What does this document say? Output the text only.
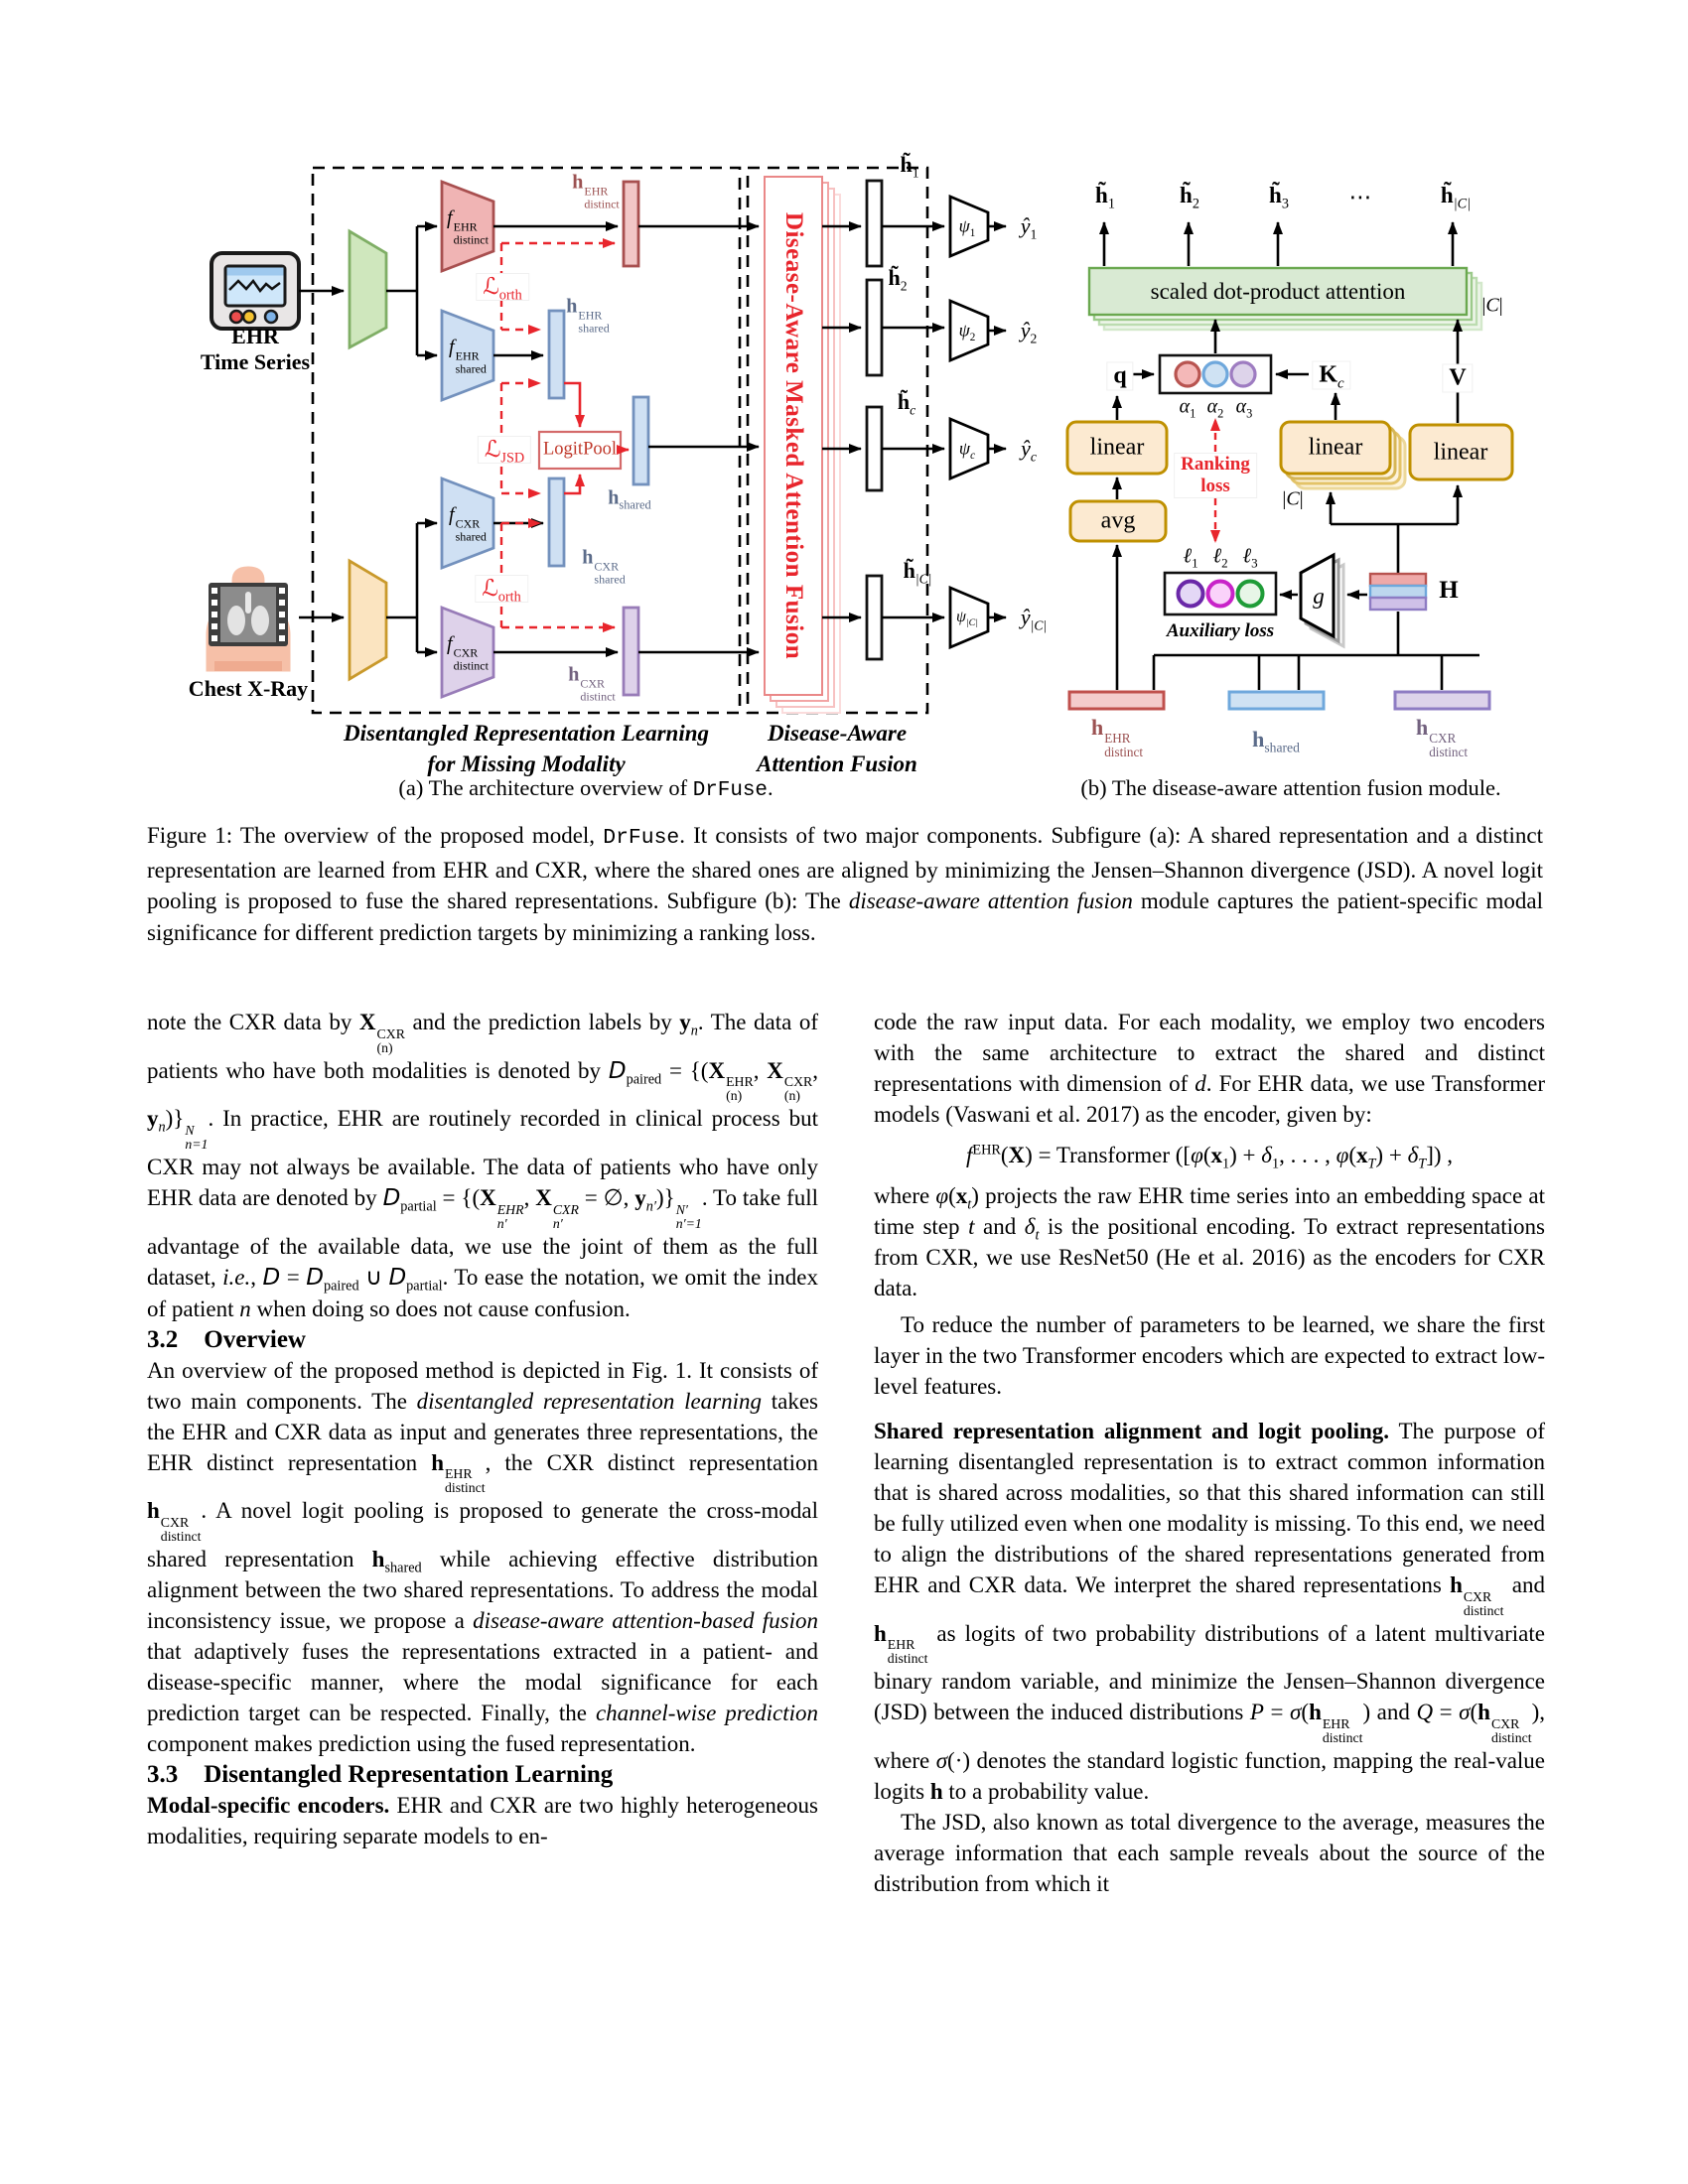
EHR
Time Series
Chest X-Ray
f EHR
distinct
f EHR
shared
f CXR
shared
f CXR
distinct
ℒ$_{orth}$
ℒ$_{JSD}$
ℒ$_{orth}$
LogitPool
h EHR
distinct
h EHR
shared
$h_{shared}$
h CXR
shared
h CXR
distinct
Disease-Aware Masked Attention Fusion
$h̃_1$
$h̃_2$
$h̃_c$
$h̃_{|C|}$
$\psi_1$
$\psi_2$
$\psi_c$
$\psi_{|C|}$
$ŷ_1$
$ŷ_2$
$ŷ_c$
$ŷ_{|C|}$
Disentangled Representation Learning
for Missing Modality
Disease-Aware
Attention Fusion
$h̃_1$	$h̃_2$	$h̃_3$	⋯	$h̃_{|C|}$
scaled dot-product attention
|C|
q	$K_c$	V
$\alpha_1$ $\alpha_2$ $\alpha_3$
linear	linear	linear
avg
Ranking
loss
|C|
ℓ$_1$ ℓ$_2$ ℓ$_3$
Auxiliary loss
g	H
h EHR
distinct
$h_{shared}$
h CXR
distinct
(a) The architecture overview of DrFuse.	(b) The disease-aware attention fusion module.
Figure 1: The overview of the proposed model, DrFuse. It consists of two major components. Subfigure (a): A shared representation and a distinct representation are learned from EHR and CXR, where the shared ones are aligned by minimizing the Jensen–Shannon divergence (JSD). A novel logit pooling is proposed to fuse the shared representations. Subfigure (b): The disease-aware attention fusion module captures the patient-specific modal significance for different prediction targets by minimizing a ranking loss.

note the CXR data by X CXR
(n)
and the prediction labels by $y_n$. The data of patients who have both modalities is denoted by $D_{paired} = \{(X$ EHR
(n)
, X CXR
(n)
, $y_n$)} N
n=1
. In practice, EHR are routinely recorded in clinical process but CXR may not always be available. The data of patients who have only EHR data are denoted by $D_{partial} = \{(X$ EHR
n′
, X CXR
n′
= ∅, $y_{n'}$)} N′
n′=1
. To take full advantage of the available data, we use the joint of them as the full dataset, i.e., $D = D_{paired}$ ∪ $D_{partial}$. To ease the notation, we omit the index of patient n when doing so does not cause confusion.

3.2 Overview

An overview of the proposed method is depicted in Fig. 1. It consists of two main components. The disentangled representation learning takes the EHR and CXR data as input and generates three representations, the EHR distinct representation h EHR
distinct
, the CXR distinct representation h CXR
distinct
. A novel logit pooling is proposed to generate the cross-modal shared representation $h_{shared}$ while achieving effective distribution alignment between the two shared representations. To address the modal inconsistency issue, we propose a disease-aware attention-based fusion that adaptively fuses the representations extracted in a patient- and disease-specific manner, where the modal significance for each prediction target can be respected. Finally, the channel-wise prediction component makes prediction using the fused representation.

3.3 Disentangled Representation Learning

Modal-specific encoders. EHR and CXR are two highly heterogeneous modalities, requiring separate models to en-

code the raw input data. For each modality, we employ two encoders with the same architecture to extract the shared and distinct representations with dimension of d. For EHR data, we use Transformer models (Vaswani et al. 2017) as the encoder, given by:

$f^{EHR}(X)$ = Transformer ([$\varphi(x_1) + \delta_1$, . . . , $\varphi(x_T) + \delta_T$]) ,

where $\varphi(x_t)$ projects the raw EHR time series into an embedding space at time step t and $\delta_t$ is the positional encoding. To extract representations from CXR, we use ResNet50 (He et al. 2016) as the encoders for CXR data.

To reduce the number of parameters to be learned, we share the first layer in the two Transformer encoders which are expected to extract low-level features.

Shared representation alignment and logit pooling. The purpose of learning disentangled representation is to extract common information that is shared across modalities, so that this shared information can still be fully utilized even when one modality is missing. To this end, we need to align the distributions of the shared representations generated from EHR and CXR data. We interpret the shared representations h CXR
distinct
and h EHR
distinct
as logits of two probability distributions of a latent multivariate binary random variable, and minimize the Jensen–Shannon divergence (JSD) between the induced distributions P = σ(h EHR
distinct
) and Q = σ(h CXR
distinct
), where σ(·) denotes the standard logistic function, mapping the real-value logits h to a probability value.

The JSD, also known as total divergence to the average, measures the average information that each sample reveals about the source of the distribution from which it
